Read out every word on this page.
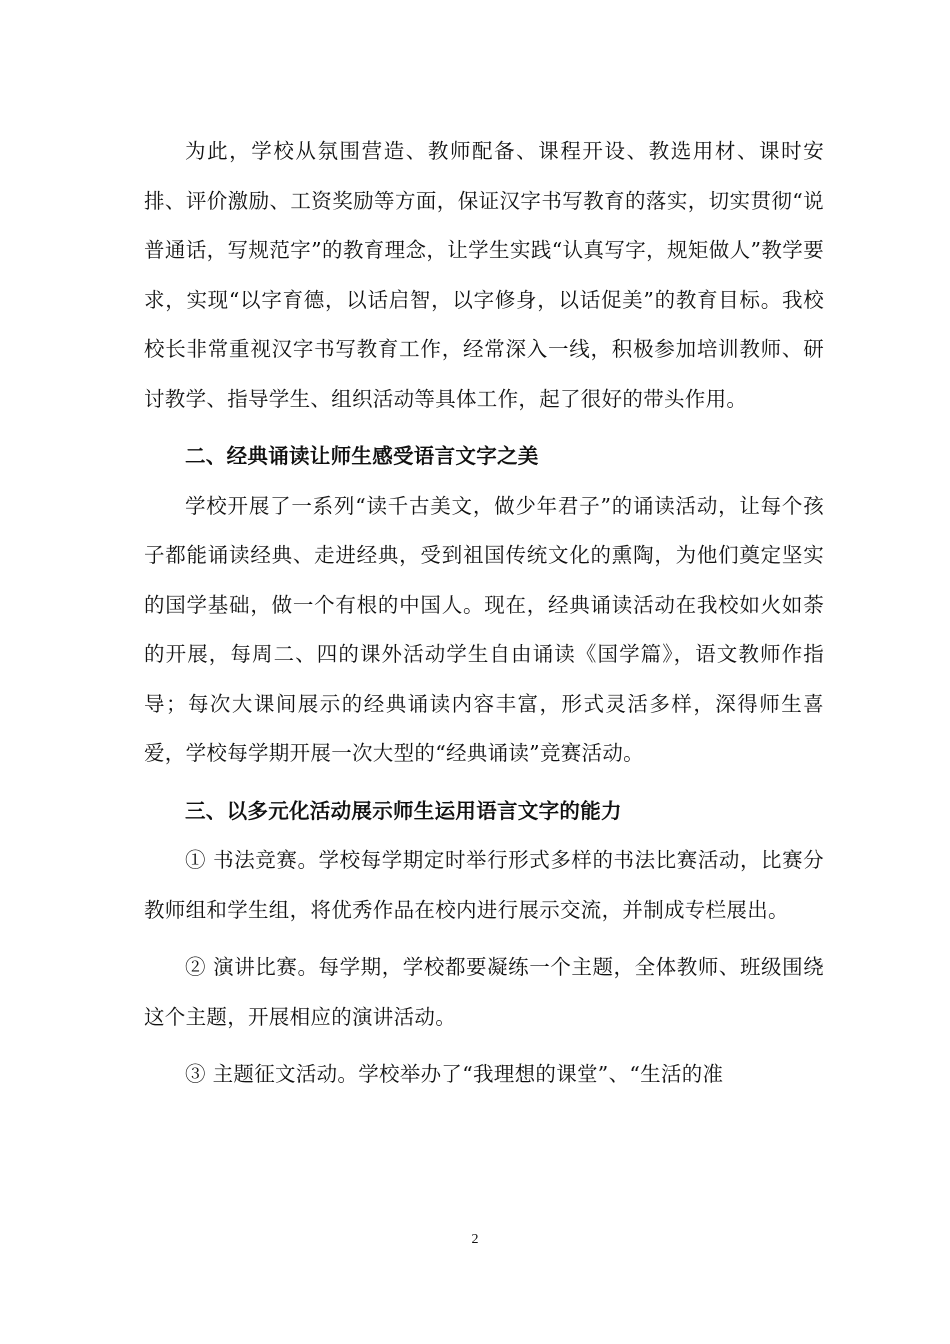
为此，学校从氛围营造、教师配备、课程开设、教选用材、课时安排、评价激励、工资奖励等方面，保证汉字书写教育的落实，切实贯彻“说普通话，写规范字”的教育理念，让学生实践“认真写字，规矩做人”教学要求，实现“以字育德，以话启智，以字修身，以话促美”的教育目标。我校校长非常重视汉字书写教育工作，经常深入一线，积极参加培训教师、研讨教学、指导学生、组织活动等具体工作，起了很好的带头作用。

二、经典诵读让师生感受语言文字之美

学校开展了一系列“读千古美文，做少年君子”的诵读活动，让每个孩子都能诵读经典、走进经典，受到祖国传统文化的熏陶，为他们奠定坚实的国学基础，做一个有根的中国人。现在，经典诵读活动在我校如火如荼的开展，每周二、四的课外活动学生自由诵读《国学篇》，语文教师作指导；每次大课间展示的经典诵读内容丰富，形式灵活多样，深得师生喜爱，学校每学期开展一次大型的“经典诵读”竞赛活动。

三、以多元化活动展示师生运用语言文字的能力

① 书法竞赛。学校每学期定时举行形式多样的书法比赛活动，比赛分教师组和学生组，将优秀作品在校内进行展示交流，并制成专栏展出。

② 演讲比赛。每学期，学校都要凝练一个主题，全体教师、班级围绕这个主题，开展相应的演讲活动。

③ 主题征文活动。学校举办了“我理想的课堂”、“生活的准

2
